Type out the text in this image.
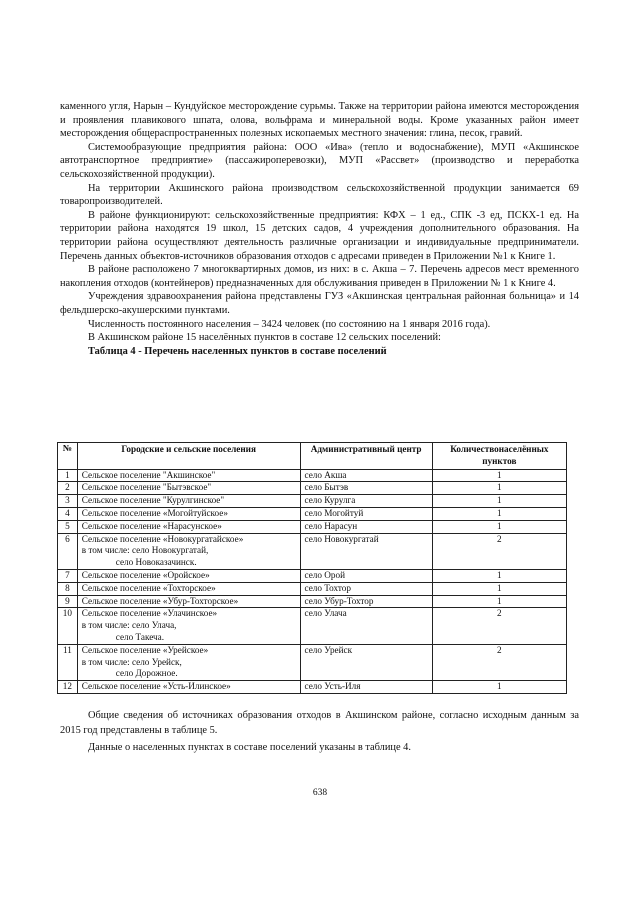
каменного угля, Нарын – Кундуйское месторождение сурьмы. Также на территории района имеются месторождения и проявления плавикового шпата, олова, вольфрама и минеральной воды. Кроме указанных район имеет месторождения общераспространенных полезных ископаемых местного значения: глина, песок, гравий.

Системообразующие предприятия района: ООО «Ива» (тепло и водоснабжение), МУП «Акшинское автотранспортное предприятие» (пассажироперевозки), МУП «Рассвет» (производство и переработка сельскохозяйственной продукции).

На территории Акшинского района производством сельскохозяйственной продукции занимается 69 товаропроизводителей.

В районе функционируют: сельскохозяйственные предприятия: КФХ – 1 ед., СПК -3 ед, ПСКХ-1 ед. На территории района находятся 19 школ, 15 детских садов, 4 учреждения дополнительного образования. На территории района осуществляют деятельность различные организации и индивидуальные предприниматели. Перечень данных объектов-источников образования отходов с адресами приведен в Приложении №1 к Книге 1.

В районе расположено 7 многоквартирных домов, из них: в с. Акша – 7. Перечень адресов мест временного накопления отходов (контейнеров) предназначенных для обслуживания приведен в Приложении № 1 к Книге 4.

Учреждения здравоохранения района представлены ГУЗ «Акшинская центральная районная больница» и 14 фельдшерско-акушерскими пунктами.

Численность постоянного населения – 3424 человек (по состоянию на 1 января 2016 года).

В Акшинском районе 15 населённых пунктов в составе 12 сельских поселений:

Таблица 4 - Перечень населенных пунктов в составе поселений

№	Городские и сельские поселения	Административный центр	Количествонаселённых пунктов
1	Сельское поселение "Акшинское"	село Акша	1
2	Сельское поселение "Бытэвское"	село Бытэв	1
3	Сельское поселение "Курулгинское"	село Курулга	1
4	Сельское поселение «Могойтуйское»	село Могойтуй	1
5	Сельское поселение «Нарасунское»	село Нарасун	1
6	Сельское поселение «Новокургатайское»
в том числе: село Новокургатай,
село Новоказачинск.	село Новокургатай	2
7	Сельское поселение «Оройское»	село Орой	1
8	Сельское поселение «Тохторское»	село Тохтор	1
9	Сельское поселение «Убур-Тохторское»	село Убур-Тохтор	1
10	Сельское поселение «Улачинское»
в том числе: село Улача,
село Такеча.	село Улача	2
11	Сельское поселение «Урейское»
в том числе: село Урейск,
село Дорожное.	село Урейск	2
12	Сельское поселение «Усть-Илинское»	село Усть-Иля	1

Общие сведения об источниках образования отходов в Акшинском районе, согласно исходным данным за 2015 год представлены в таблице 5.

Данные о населенных пунктах в составе поселений указаны в таблице 4.

638
